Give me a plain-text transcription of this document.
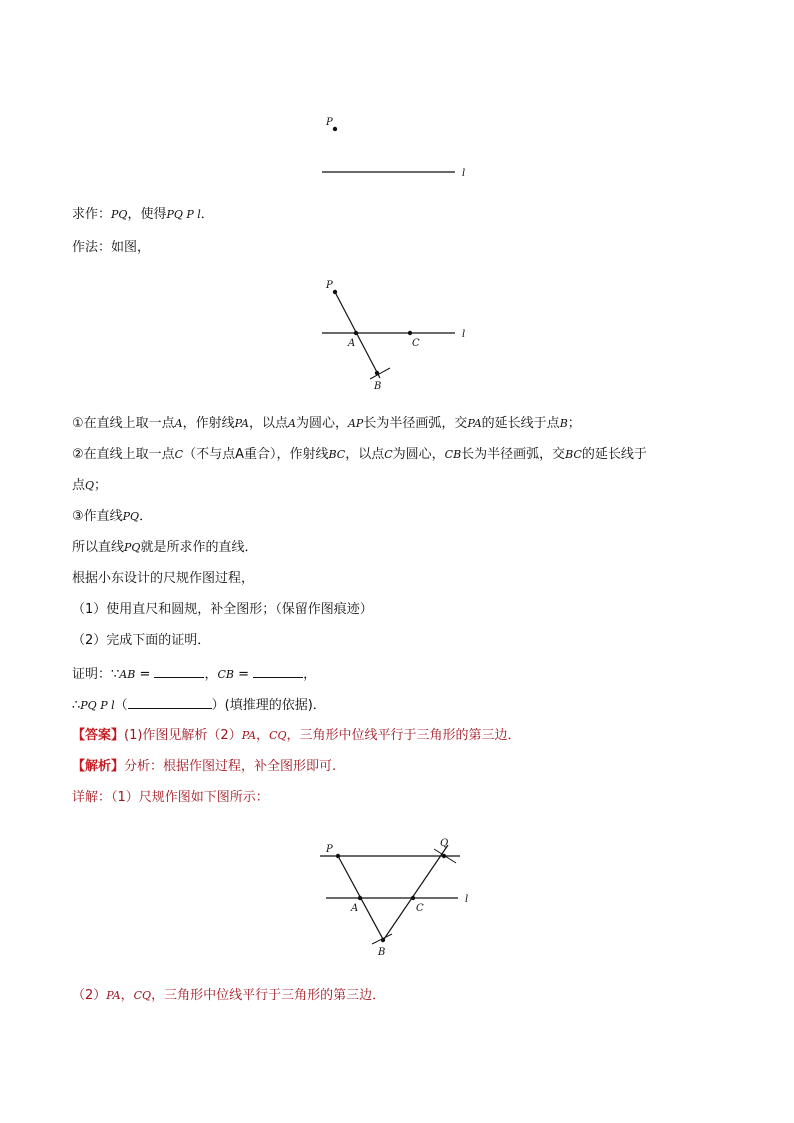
P
l
l
P
A	C
B
l
P
Q
A	C
B
求作：PQ，使得PQ P l．
作法：如图，
①在直线上取一点A，作射线PA，以点A为圆心，AP长为半径画弧，交PA的延长线于点B；
②在直线上取一点C（不与点A重合），作射线BC，以点C为圆心，CB长为半径画弧，交BC的延长线于
点Q；
③作直线PQ．
所以直线PQ就是所求作的直线．
根据小东设计的尺规作图过程，
（1）使用直尺和圆规，补全图形；（保留作图痕迹）
（2）完成下面的证明．
证明：∵AB =	，CB =	，
∴PQ P l（	）(填推理的依据)．
【答案】(1)作图见解析（2）PA，CQ，三角形中位线平行于三角形的第三边．
【解析】分析：根据作图过程，补全图形即可.
详解：（1）尺规作图如下图所示：
（2）PA，CQ，三角形中位线平行于三角形的第三边．
